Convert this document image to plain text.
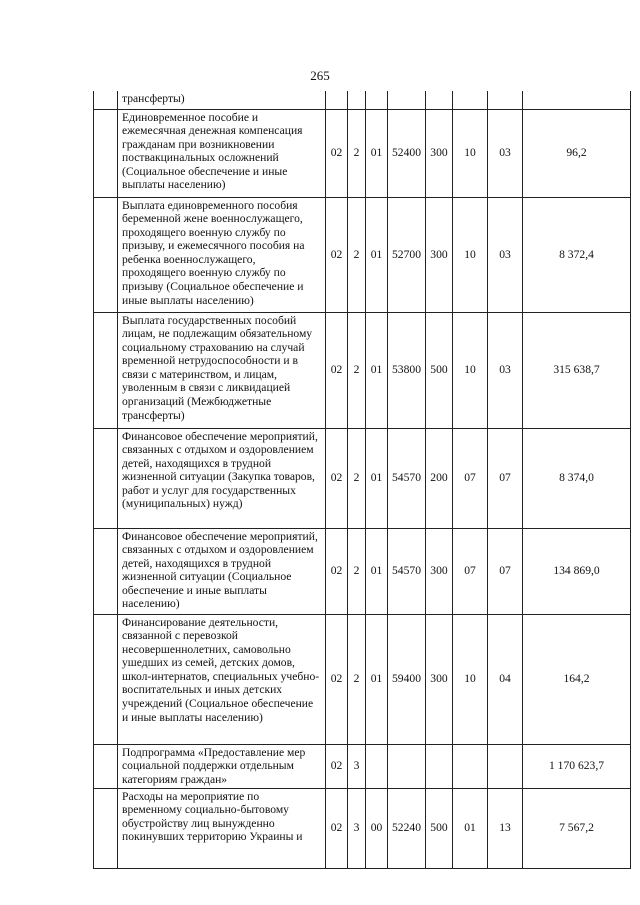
265
	трансферты)								
	Единовременное пособие и ежемесячная денежная компенсация гражданам при возникновении поствакцинальных осложнений (Социальное обеспечение и иные выплаты населению)	02	2	01	52400	300	10	03	96,2
	Выплата единовременного пособия беременной жене военнослужащего, проходящего военную службу по призыву, и ежемесячного пособия на ребенка военнослужащего, проходящего военную службу по призыву (Социальное обеспечение и иные выплаты населению)	02	2	01	52700	300	10	03	8 372,4
	Выплата государственных пособий лицам, не подлежащим обязательному социальному страхованию на случай временной нетрудоспособности и в связи с материнством, и лицам, уволенным в связи с ликвидацией организаций (Межбюджетные трансферты)	02	2	01	53800	500	10	03	315 638,7
	Финансовое обеспечение мероприятий, связанных с отдыхом и оздоровлением детей, находящихся в трудной жизненной ситуации (Закупка товаров, работ и услуг для государственных (муниципальных) нужд)	02	2	01	54570	200	07	07	8 374,0
	Финансовое обеспечение мероприятий, связанных с отдыхом и оздоровлением детей, находящихся в трудной жизненной ситуации (Социальное обеспечение и иные выплаты населению)	02	2	01	54570	300	07	07	134 869,0
	Финансирование деятельности, связанной с перевозкой несовершеннолетних, самовольно ушедших из семей, детских домов, школ-интернатов, специальных учебно-воспитательных и иных детских учреждений (Социальное обеспечение и иные выплаты населению)	02	2	01	59400	300	10	04	164,2
	Подпрограмма «Предоставление мер социальной поддержки отдельным категориям граждан»	02	3						1 170 623,7
	Расходы на мероприятие по временному социально-бытовому обустройству лиц вынужденно покинувших территорию Украины и	02	3	00	52240	500	01	13	7 567,2
